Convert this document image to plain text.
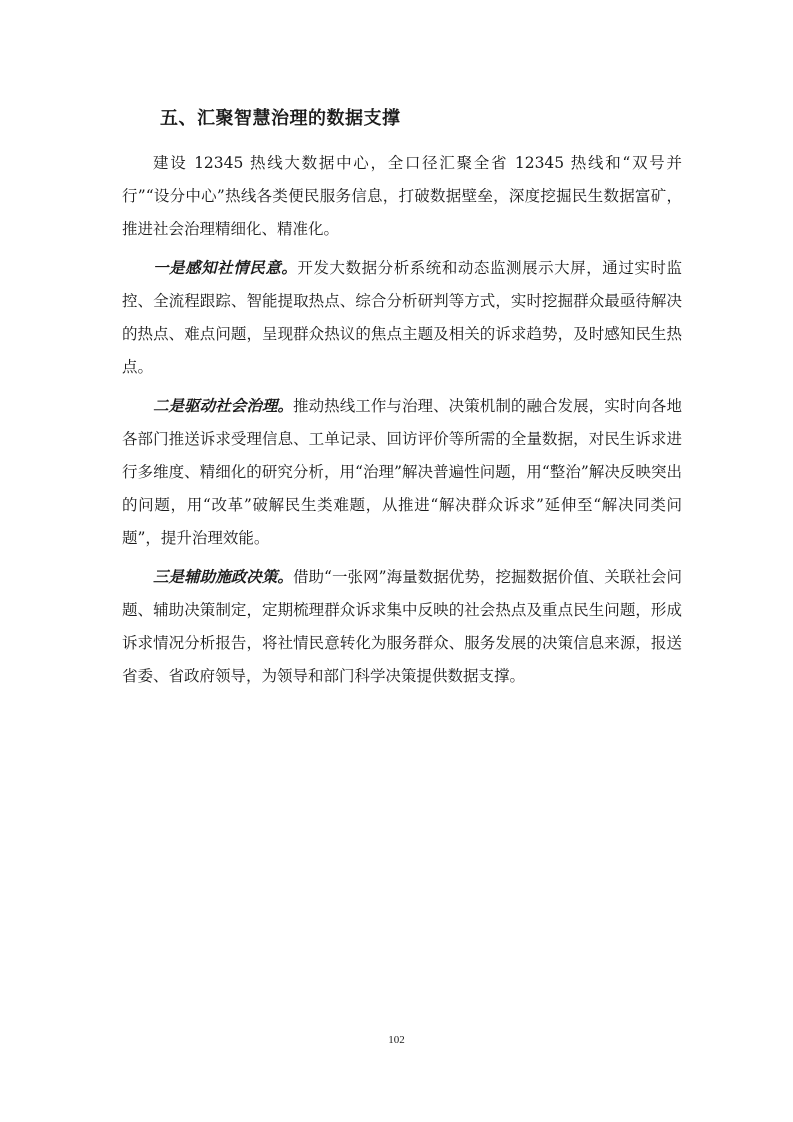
五、汇聚智慧治理的数据支撑

建设 12345 热线大数据中心，全口径汇聚全省 12345 热线和“双号并行”“设分中心”热线各类便民服务信息，打破数据壁垒，深度挖掘民生数据富矿，推进社会治理精细化、精准化。

一是感知社情民意。开发大数据分析系统和动态监测展示大屏，通过实时监控、全流程跟踪、智能提取热点、综合分析研判等方式，实时挖掘群众最亟待解决的热点、难点问题，呈现群众热议的焦点主题及相关的诉求趋势，及时感知民生热点。

二是驱动社会治理。推动热线工作与治理、决策机制的融合发展，实时向各地各部门推送诉求受理信息、工单记录、回访评价等所需的全量数据，对民生诉求进行多维度、精细化的研究分析，用“治理”解决普遍性问题，用“整治”解决反映突出的问题，用“改革”破解民生类难题，从推进“解决群众诉求”延伸至“解决同类问题”，提升治理效能。

三是辅助施政决策。借助“一张网”海量数据优势，挖掘数据价值、关联社会问题、辅助决策制定，定期梳理群众诉求集中反映的社会热点及重点民生问题，形成诉求情况分析报告，将社情民意转化为服务群众、服务发展的决策信息来源，报送省委、省政府领导，为领导和部门科学决策提供数据支撑。

102
